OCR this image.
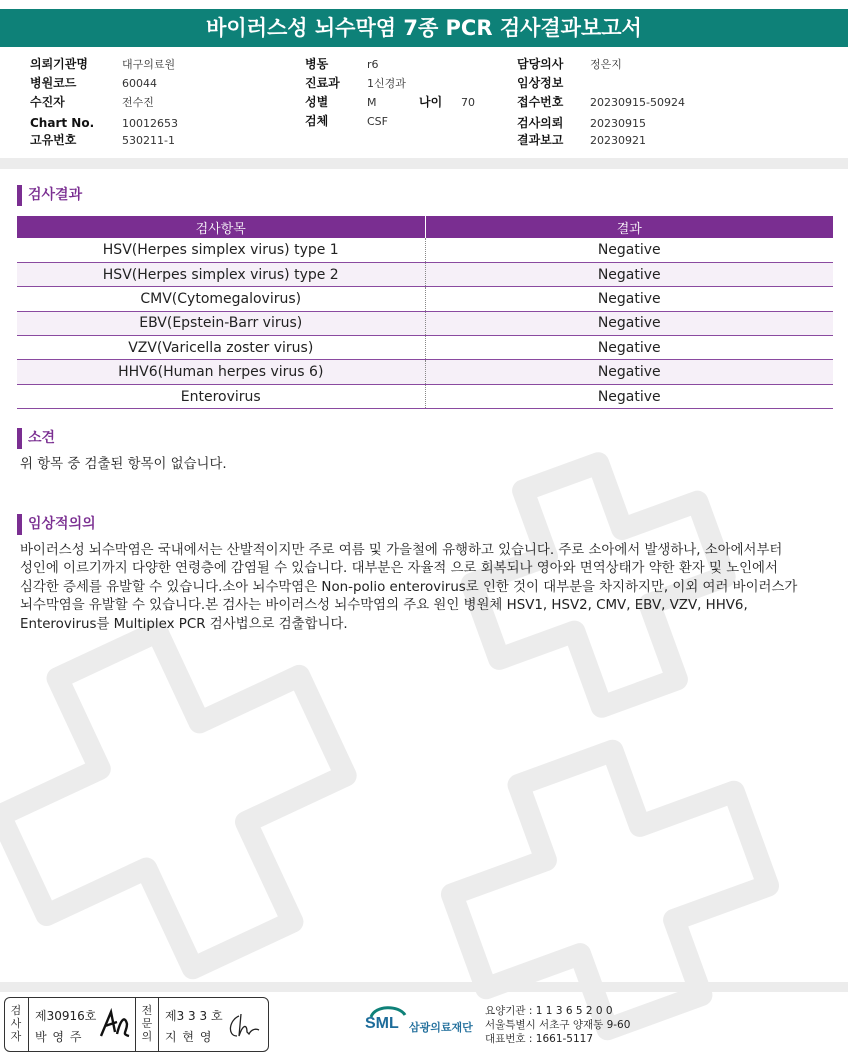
바이러스성 뇌수막염 7종 PCR 검사결과보고서
의뢰기관명	대구의료원
병원코드	60044
수진자	전수진
Chart No.	10012653
고유번호	530211-1
병동	r6
진료과 1신경과
성별	M	나이 70
검체	CSF
담당의사 정은지
임상정보
접수번호 20230915-50924
검사의뢰 20230915
결과보고 20230921
검사결과
검사항목	결과
HSV(Herpes simplex virus) type 1	Negative
HSV(Herpes simplex virus) type 2	Negative
CMV(Cytomegalovirus)	Negative
EBV(Epstein-Barr virus)	Negative
VZV(Varicella zoster virus)	Negative
HHV6(Human herpes virus 6)	Negative
Enterovirus	Negative
소견
위 항목 중 검출된 항목이 없습니다.
임상적의의
바이러스성 뇌수막염은 국내에서는 산발적이지만 주로 여름 및 가을철에 유행하고 있습니다. 주로 소아에서 발생하나, 소아에서부터
성인에 이르기까지 다양한 연령층에 감염될 수 있습니다. 대부분은 자율적 으로 회복되나 영아와 면역상태가 약한 환자 및 노인에서
심각한 증세를 유발할 수 있습니다.소아 뇌수막염은 Non-polio enterovirus로 인한 것이 대부분을 차지하지만, 이외 여러 바이러스가
뇌수막염을 유발할 수 있습니다.본 검사는 바이러스성 뇌수막염의 주요 원인 병원체 HSV1, HSV2, CMV, EBV, VZV, HHV6,
Enterovirus를 Multiplex PCR 검사법으로 검출합니다.
검사자
제30916호
박 영 주
전문의
제3 3 3 호
지 현 영
SML 삼광의료재단
요양기관 : 1 1 3 6 5 2 0 0
서울특별시 서초구 양재동 9-60
대표번호 : 1661-5117
